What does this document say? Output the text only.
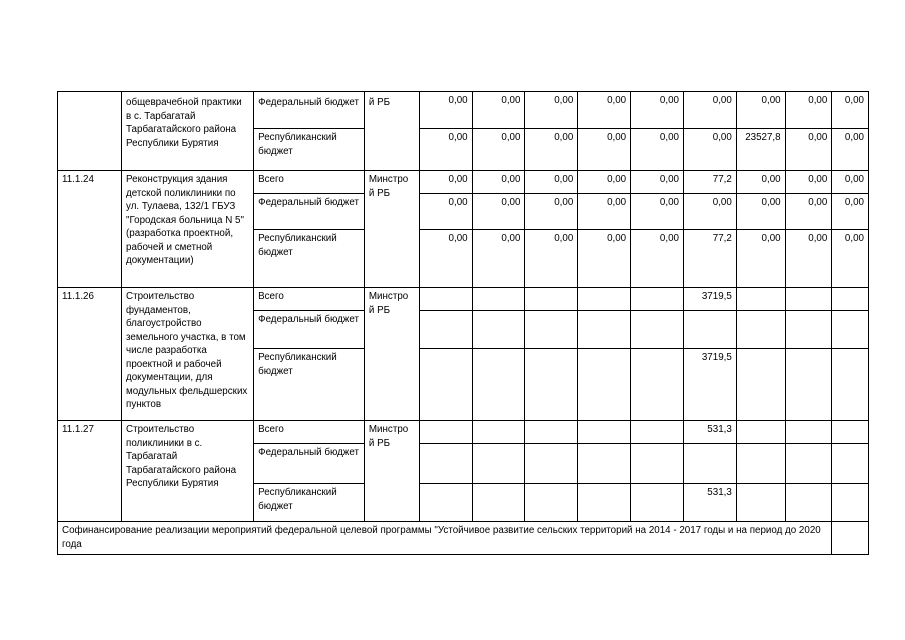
	общеврачебной практики в с. Тарбагатай Тарбагатайского района Республики Бурятия	Федеральный бюджет	й РБ	0,00	0,00	0,00	0,00	0,00	0,00	0,00	0,00	0,00
		Республиканский бюджет		0,00	0,00	0,00	0,00	0,00	0,00	23527,8	0,00	0,00
11.1.24	Реконструкция здания детской поликлиники по ул. Тулаева, 132/1 ГБУЗ "Городская больница N 5" (разработка проектной, рабочей и сметной документации)	Всего	Минстро й РБ	0,00	0,00	0,00	0,00	0,00	77,2	0,00	0,00	0,00
		Федеральный бюджет		0,00	0,00	0,00	0,00	0,00	0,00	0,00	0,00	0,00
		Республиканский бюджет		0,00	0,00	0,00	0,00	0,00	77,2	0,00	0,00	0,00
11.1.26	Строительство фундаментов, благоустройство земельного участка, в том числе разработка проектной и рабочей документации, для модульных фельдшерских пунктов	Всего	Минстро й РБ						3719,5			
		Федеральный бюджет										
		Республиканский бюджет							3719,5			
11.1.27	Строительство поликлиники в с. Тарбагатай Тарбагатайского района Республики Бурятия	Всего	Минстро й РБ						531,3			
		Федеральный бюджет										
		Республиканский бюджет							531,3			
Софинансирование реализации мероприятий федеральной целевой программы "Устойчивое развитие сельских территорий на 2014 - 2017 годы и на период до 2020 года												
